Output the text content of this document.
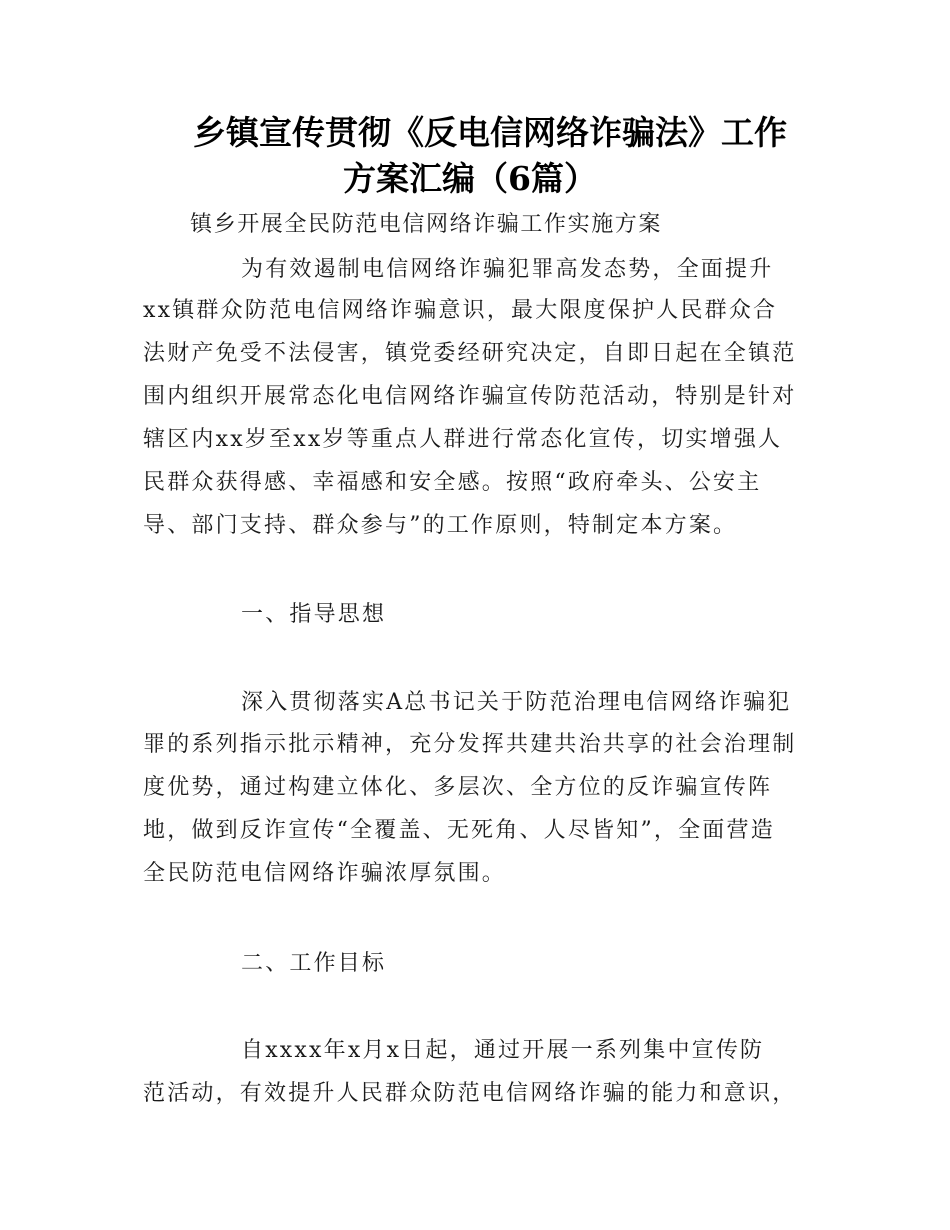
乡镇宣传贯彻《反电信网络诈骗法》工作
方案汇编（6篇）
镇乡开展全民防范电信网络诈骗工作实施方案
为有效遏制电信网络诈骗犯罪高发态势，全面提升
xx镇群众防范电信网络诈骗意识，最大限度保护人民群众合
法财产免受不法侵害，镇党委经研究决定，自即日起在全镇范
围内组织开展常态化电信网络诈骗宣传防范活动，特别是针对
辖区内xx岁至xx岁等重点人群进行常态化宣传，切实增强人
民群众获得感、幸福感和安全感。按照“政府牵头、公安主
导、部门支持、群众参与”的工作原则，特制定本方案。
一、指导思想
深入贯彻落实A总书记关于防范治理电信网络诈骗犯
罪的系列指示批示精神，充分发挥共建共治共享的社会治理制
度优势，通过构建立体化、多层次、全方位的反诈骗宣传阵
地，做到反诈宣传“全覆盖、无死角、人尽皆知”，全面营造
全民防范电信网络诈骗浓厚氛围。
二、工作目标
自xxxx年x月x日起，通过开展一系列集中宣传防
范活动，有效提升人民群众防范电信网络诈骗的能力和意识，
